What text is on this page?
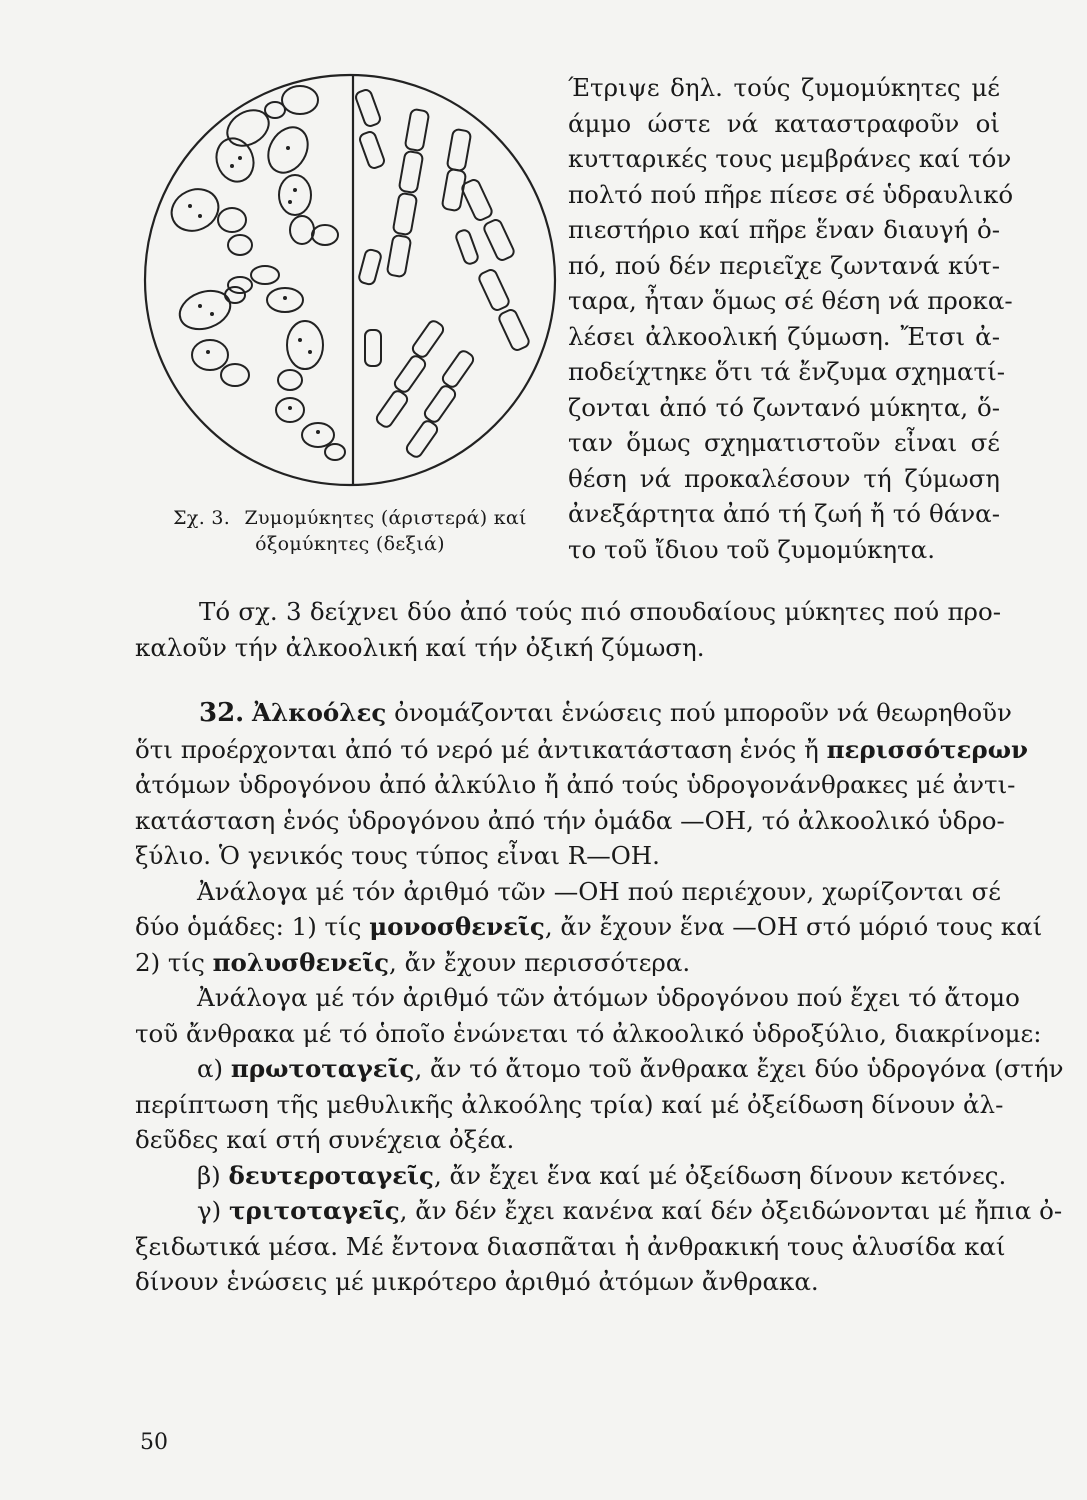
Σχ. 3. Ζυμομύκητες (άριστερά) καί
όξομύκητες (δεξιά)
Έτριψε δηλ. τούς ζυμομύκητες μέ
άμμο ώστε νά καταστραφοῦν οἱ
κυτταρικές τους μεμβράνες καί τόν
πολτό πού πῆρε πίεσε σέ ὑδραυλικό
πιεστήριο καί πῆρε ἕναν διαυγή ὀ-
πό, πού δέν περιεῖχε ζωντανά κύτ-
ταρα, ἦταν ὅμως σέ θέση νά προκα-
λέσει ἀλκοολική ζύμωση. Ἔτσι ἀ-
ποδείχτηκε ὅτι τά ἔνζυμα σχηματί-
ζονται ἀπό τό ζωντανό μύκητα, ὅ-
ταν ὅμως σχηματιστοῦν εἶναι σέ
θέση νά προκαλέσουν τή ζύμωση
ἀνεξάρτητα ἀπό τή ζωή ἤ τό θάνα-
το τοῦ ἴδιου τοῦ ζυμομύκητα.
Τό σχ. 3 δείχνει δύο ἀπό τούς πιό σπουδαίους μύκητες πού προ-
καλοῦν τήν ἀλκοολική καί τήν ὀξική ζύμωση.
32. Ἀλκοόλες ὀνομάζονται ἑνώσεις πού μποροῦν νά θεωρηθοῦν
ὅτι προέρχονται ἀπό τό νερό μέ ἀντικατάσταση ἑνός ἤ περισσότερων
ἀτόμων ὑδρογόνου ἀπό ἀλκύλιο ἤ ἀπό τούς ὑδρογονάνθρακες μέ ἀντι-
κατάσταση ἑνός ὑδρογόνου ἀπό τήν ὁμάδα —OH, τό ἀλκοολικό ὑδρο-
ξύλιο. Ὁ γενικός τους τύπος εἶναι R—OH.
Ἀνάλογα μέ τόν ἀριθμό τῶν —OH πού περιέχουν, χωρίζονται σέ
δύο ὁμάδες: 1) τίς μονοσθενεῖς, ἄν ἔχουν ἕνα —OH στό μόριό τους καί
2) τίς πολυσθενεῖς, ἄν ἔχουν περισσότερα.
Ἀνάλογα μέ τόν ἀριθμό τῶν ἀτόμων ὑδρογόνου πού ἔχει τό ἄτομο
τοῦ ἄνθρακα μέ τό ὁποῖο ἑνώνεται τό ἀλκοολικό ὑδροξύλιο, διακρίνομε:
α) πρωτοταγεῖς, ἄν τό ἄτομο τοῦ ἄνθρακα ἔχει δύο ὑδρογόνα (στήν
περίπτωση τῆς μεθυλικῆς ἀλκοόλης τρία) καί μέ ὀξείδωση δίνουν ἀλ-
δεῦδες καί στή συνέχεια ὀξέα.
β) δευτεροταγεῖς, ἄν ἔχει ἕνα καί μέ ὀξείδωση δίνουν κετόνες.
γ) τριτοταγεῖς, ἄν δέν ἔχει κανένα καί δέν ὀξειδώνονται μέ ἤπια ὀ-
ξειδωτικά μέσα. Μέ ἔντονα διασπᾶται ἡ ἀνθρακική τους ἁλυσίδα καί
δίνουν ἑνώσεις μέ μικρότερο ἀριθμό ἀτόμων ἄνθρακα.
50
